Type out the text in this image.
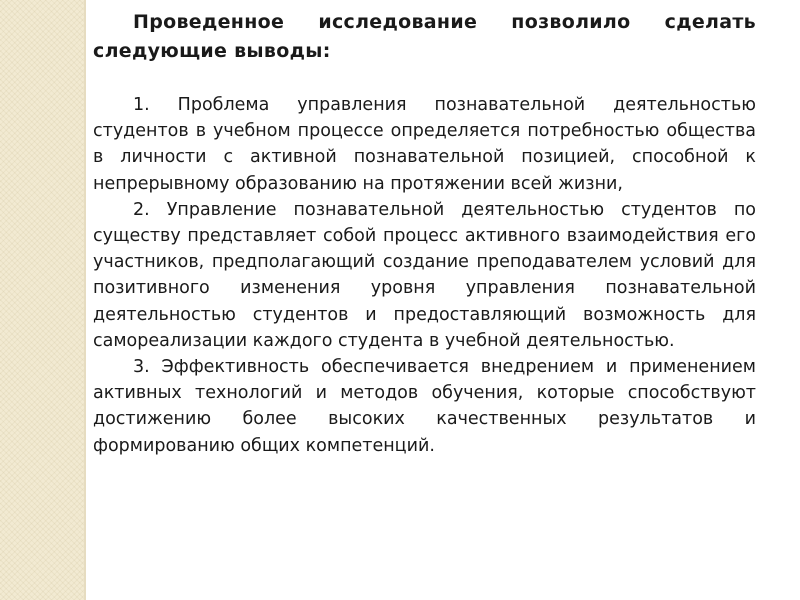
Проведенное исследование позволило сделать следующие выводы:

1. Проблема управления познавательной деятельностью студентов в учебном процессе определяется потребностью общества в личности с активной познавательной позицией, способной к непрерывному образованию на протяжении всей жизни,

2. Управление познавательной деятельностью студентов по существу представляет собой процесс активного взаимодействия его участников, предполагающий создание преподавателем условий для позитивного изменения уровня управления познавательной деятельностью студентов и предоставляющий возможность для самореализации каждого студента в учебной деятельностью.

3. Эффективность обеспечивается внедрением и применением активных технологий и методов обучения, которые способствуют достижению более высоких качественных результатов и формированию общих компетенций.
